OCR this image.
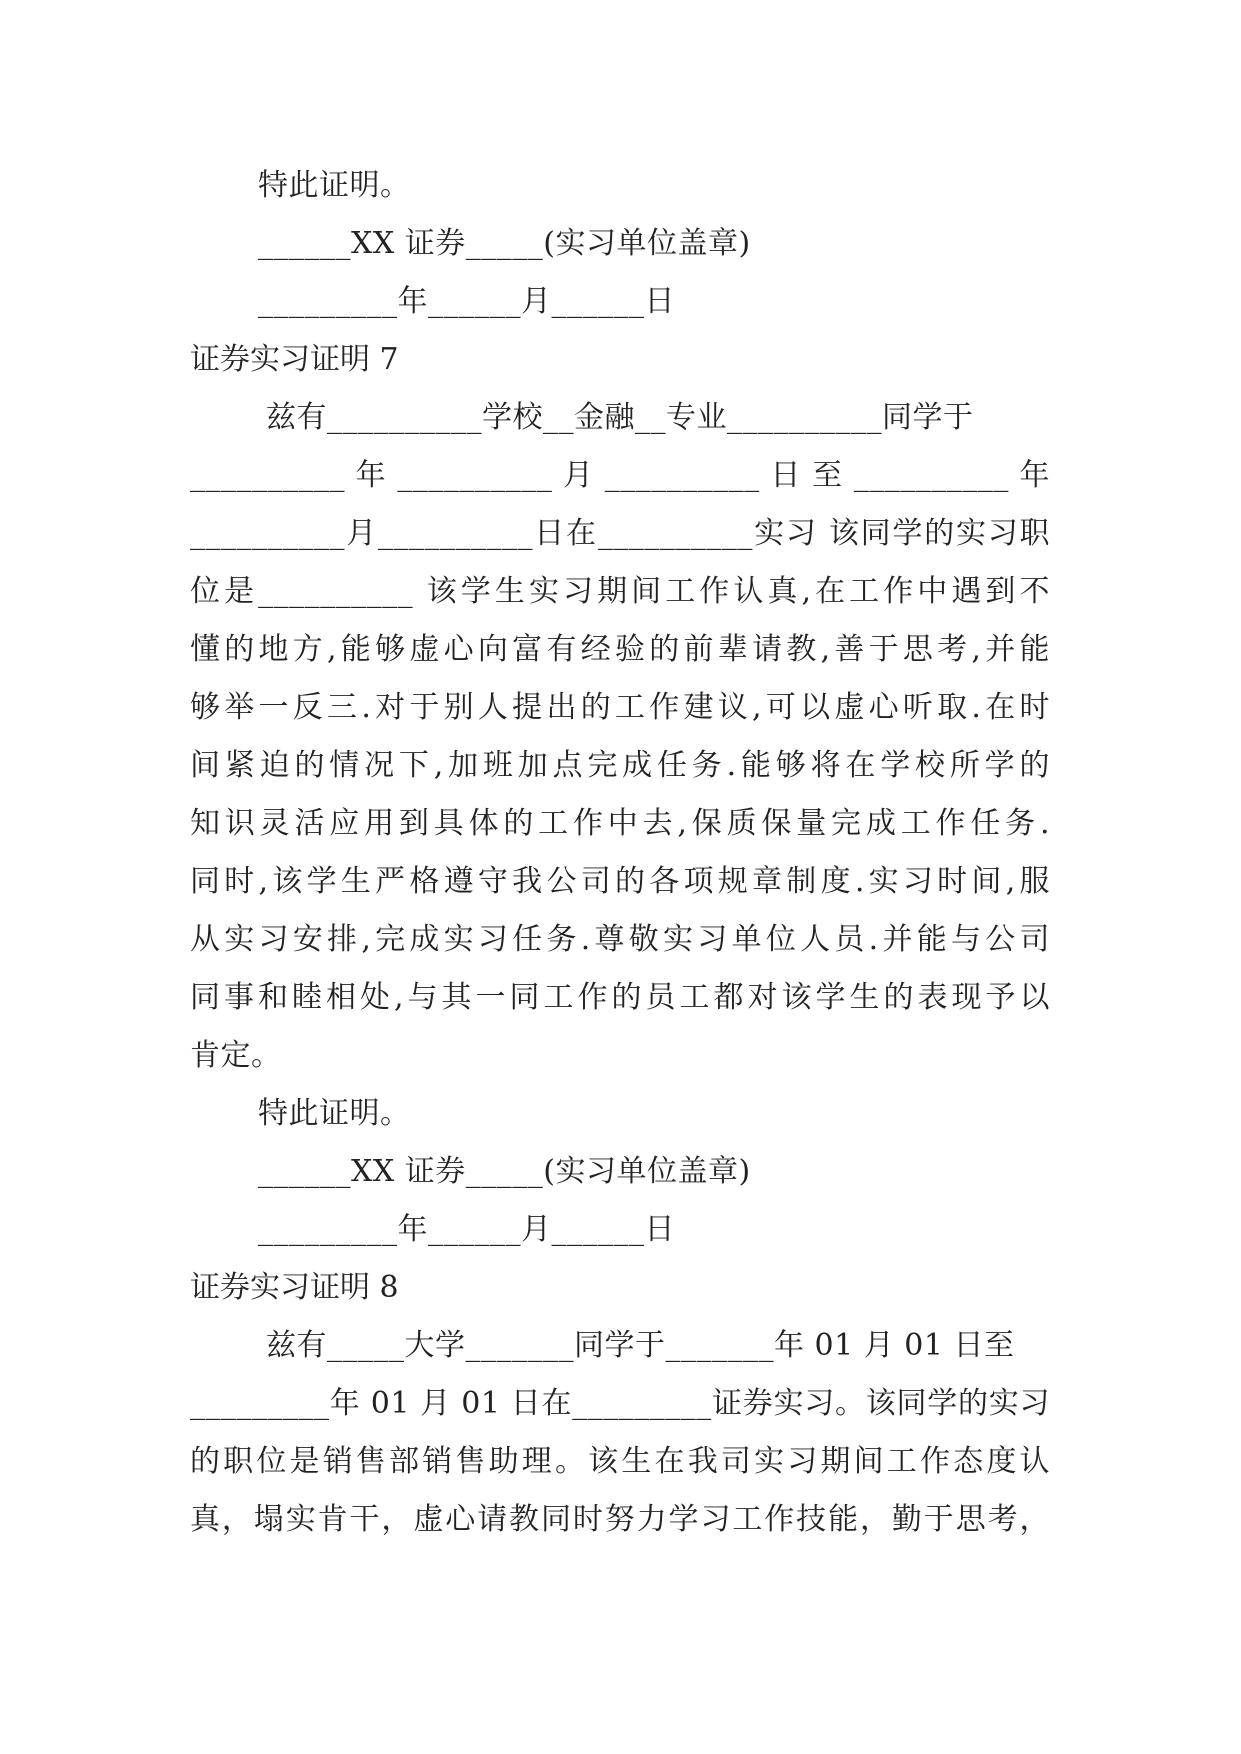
特此证明。
______XX 证券_____(实习单位盖章)
_________年______月______日
证券实习证明 7
兹有__________学校__金融__专业__________同学于
__________ 年 __________ 月 __________ 日 至 __________ 年
__________月__________日在__________实习 该同学的实习职
位是__________ 该学生实习期间工作认真,在工作中遇到不
懂的地方,能够虚心向富有经验的前辈请教,善于思考,并能
够举一反三.对于别人提出的工作建议,可以虚心听取.在时
间紧迫的情况下,加班加点完成任务.能够将在学校所学的
知识灵活应用到具体的工作中去,保质保量完成工作任务.
同时,该学生严格遵守我公司的各项规章制度.实习时间,服
从实习安排,完成实习任务.尊敬实习单位人员.并能与公司
同事和睦相处,与其一同工作的员工都对该学生的表现予以
肯定。
特此证明。
______XX 证券_____(实习单位盖章)
_________年______月______日
证券实习证明 8
兹有_____大学_______同学于_______年 01 月 01 日至
_________年 01 月 01 日在_________证券实习。该同学的实习
的职位是销售部销售助理。该生在我司实习期间工作态度认
真，塌实肯干，虚心请教同时努力学习工作技能，勤于思考，
